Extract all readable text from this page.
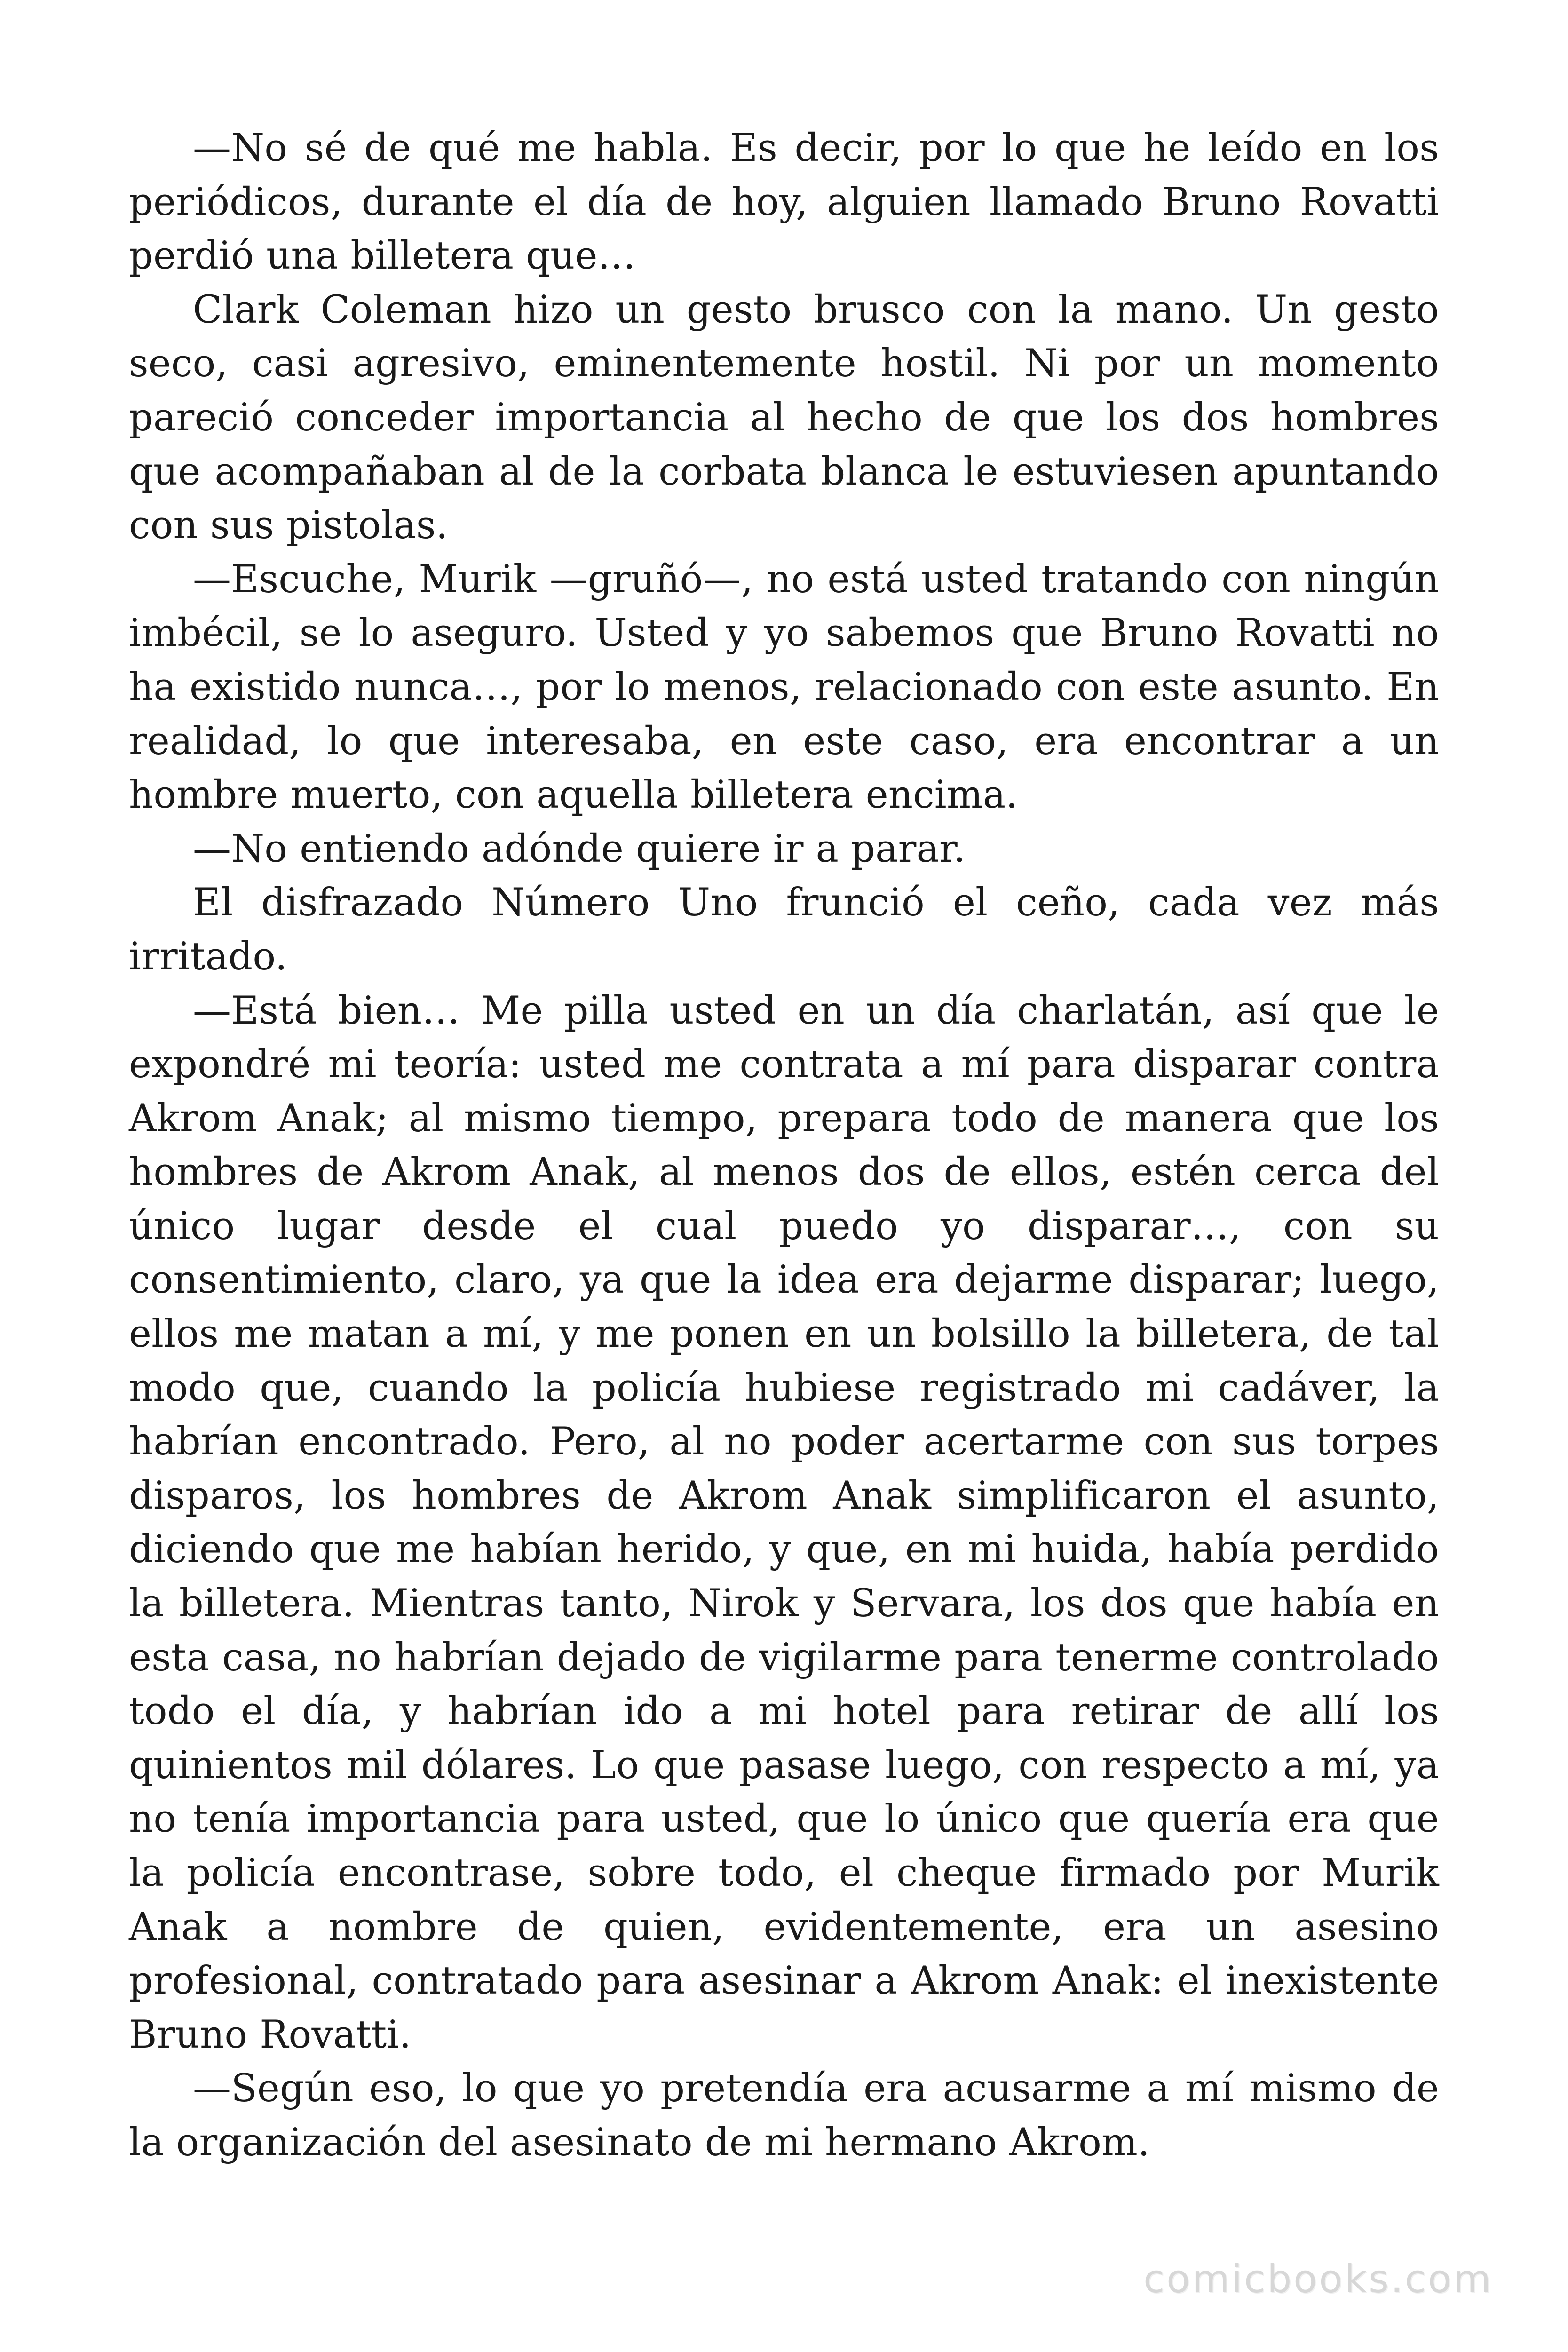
—No sé de qué me habla. Es decir, por lo que he leído en los periódicos, durante el día de hoy, alguien llamado Bruno Rovatti perdió una billetera que…

Clark Coleman hizo un gesto brusco con la mano. Un gesto seco, casi agresivo, eminentemente hostil. Ni por un momento pareció conceder importancia al hecho de que los dos hombres que acompañaban al de la corbata blanca le estuviesen apuntando con sus pistolas.

—Escuche, Murik —gruñó—, no está usted tratando con ningún imbécil, se lo aseguro. Usted y yo sabemos que Bruno Rovatti no ha existido nunca…, por lo menos, relacionado con este asunto. En realidad, lo que interesaba, en este caso, era encontrar a un hombre muerto, con aquella billetera encima.

—No entiendo adónde quiere ir a parar.

El disfrazado Número Uno frunció el ceño, cada vez más irritado.

—Está bien… Me pilla usted en un día charlatán, así que le expondré mi teoría: usted me contrata a mí para disparar contra Akrom Anak; al mismo tiempo, prepara todo de manera que los hombres de Akrom Anak, al menos dos de ellos, estén cerca del único lugar desde el cual puedo yo disparar…, con su consentimiento, claro, ya que la idea era dejarme disparar; luego, ellos me matan a mí, y me ponen en un bolsillo la billetera, de tal modo que, cuando la policía hubiese registrado mi cadáver, la habrían encontrado. Pero, al no poder acertarme con sus torpes disparos, los hombres de Akrom Anak simplificaron el asunto, diciendo que me habían herido, y que, en mi huida, había perdido la billetera. Mientras tanto, Nirok y Servara, los dos que había en esta casa, no habrían dejado de vigilarme para tenerme controlado todo el día, y habrían ido a mi hotel para retirar de allí los quinientos mil dólares. Lo que pasase luego, con respecto a mí, ya no tenía importancia para usted, que lo único que quería era que la policía encontrase, sobre todo, el cheque firmado por Murik Anak a nombre de quien, evidentemente, era un asesino profesional, contratado para asesinar a Akrom Anak: el inexistente Bruno Rovatti.

—Según eso, lo que yo pretendía era acusarme a mí mismo de la organización del asesinato de mi hermano Akrom.

comicbooks.com
